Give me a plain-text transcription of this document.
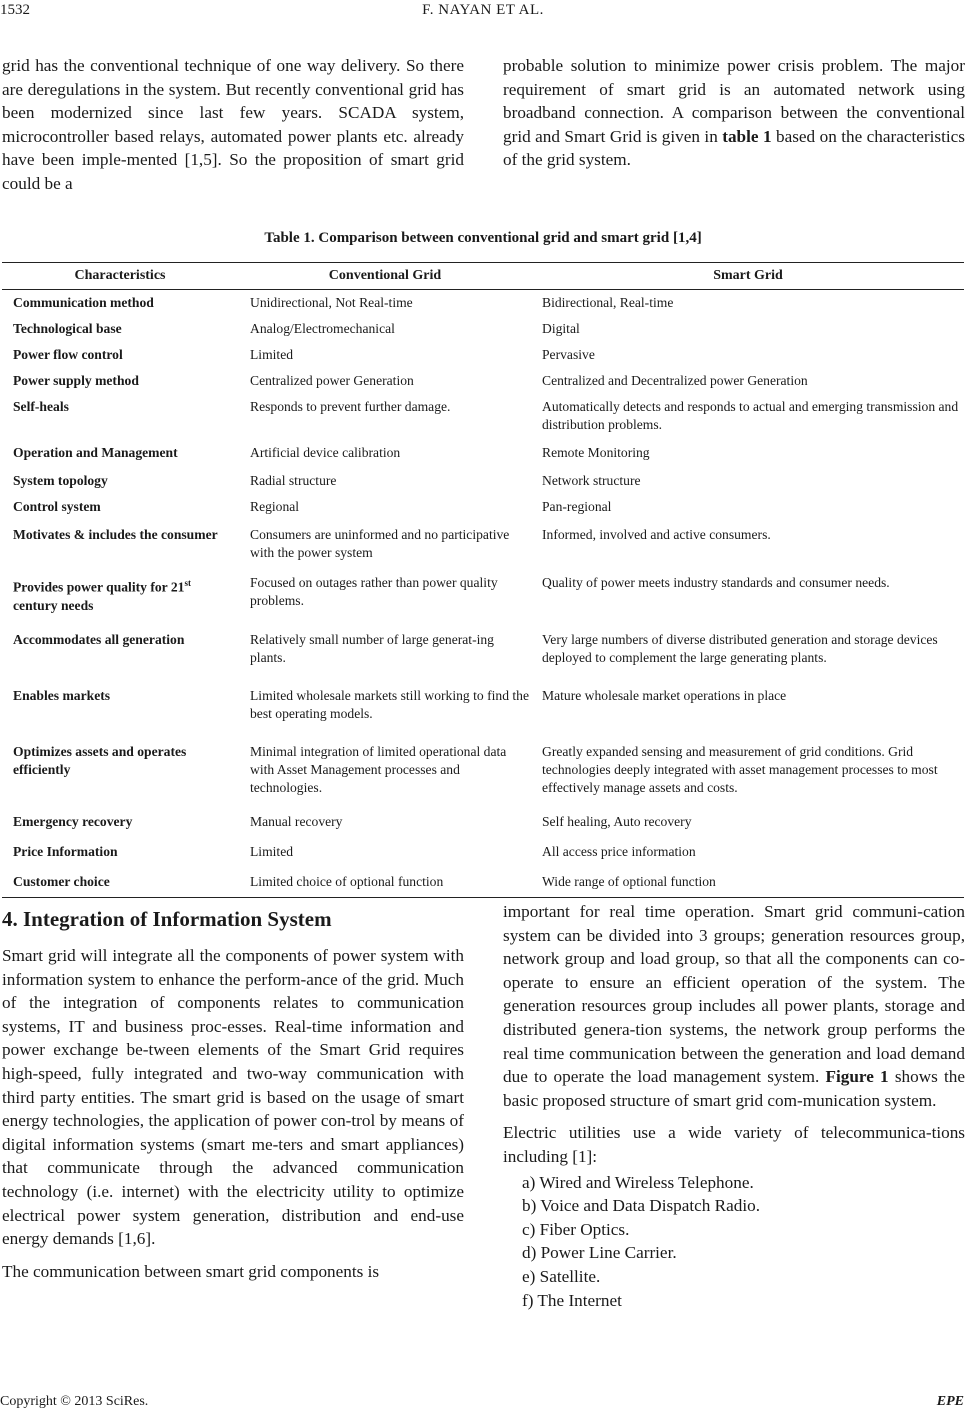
1532	F. NAYAN ET AL.

grid has the conventional technique of one way delivery. So there are deregulations in the system. But recently conventional grid has been modernized since last few years. SCADA system, microcontroller based relays, automated power plants etc. already have been imple-mented [1,5]. So the proposition of smart grid could be a

probable solution to minimize power crisis problem. The major requirement of smart grid is an automated network using broadband connection. A comparison between the conventional grid and Smart Grid is given in table 1 based on the characteristics of the grid system.

Table 1. Comparison between conventional grid and smart grid [1,4]
Characteristics	Conventional Grid	Smart Grid
Communication method	Unidirectional, Not Real-time	Bidirectional, Real-time
Technological base	Analog/Electromechanical	Digital
Power flow control	Limited	Pervasive
Power supply method	Centralized power Generation	Centralized and Decentralized power Generation
Self-heals	Responds to prevent further damage.	Automatically detects and responds to actual and emerging transmission and distribution problems.
Operation and Management	Artificial device calibration	Remote Monitoring
System topology	Radial structure	Network structure
Control system	Regional	Pan-regional
Motivates & includes the consumer	Consumers are uninformed and no participative with the power system	Informed, involved and active consumers.
Provides power quality for 21st century needs	Focused on outages rather than power quality problems.	Quality of power meets industry standards and consumer needs.
Accommodates all generation	Relatively small number of large generat-ing plants.	Very large numbers of diverse distributed generation and storage devices deployed to complement the large generating plants.
Enables markets	Limited wholesale markets still working to find the best operating models.	Mature wholesale market operations in place
Optimizes assets and operates efficiently	Minimal integration of limited operational data with Asset Management processes and technologies.	Greatly expanded sensing and measurement of grid conditions. Grid technologies deeply integrated with asset management processes to most effectively manage assets and costs.
Emergency recovery	Manual recovery	Self healing, Auto recovery
Price Information	Limited	All access price information
Customer choice	Limited choice of optional function	Wide range of optional function
4. Integration of Information System

Smart grid will integrate all the components of power system with information system to enhance the perform-ance of the grid. Much of the integration of components relates to communication systems, IT and business proc-esses. Real-time information and power exchange be-tween elements of the Smart Grid requires high-speed, fully integrated and two-way communication with third party entities. The smart grid is based on the usage of smart energy technologies, the application of power con-trol by means of digital information systems (smart me-ters and smart appliances) that communicate through the advanced communication technology (i.e. internet) with the electricity utility to optimize electrical power system generation, distribution and end-use energy demands [1,6].

The communication between smart grid components is

important for real time operation. Smart grid communi-cation system can be divided into 3 groups; generation resources group, network group and load group, so that all the components can co-operate to ensure an efficient operation of the system. The generation resources group includes all power plants, storage and distributed genera-tion systems, the network group performs the real time communication between the generation and load demand due to operate the load management system. Figure 1 shows the basic proposed structure of smart grid com-munication system.

Electric utilities use a wide variety of telecommunica-tions including [1]:

a) Wired and Wireless Telephone.
b) Voice and Data Dispatch Radio.
c) Fiber Optics.
d) Power Line Carrier.
e) Satellite.
f) The Internet
Copyright © 2013 SciRes.	EPE
